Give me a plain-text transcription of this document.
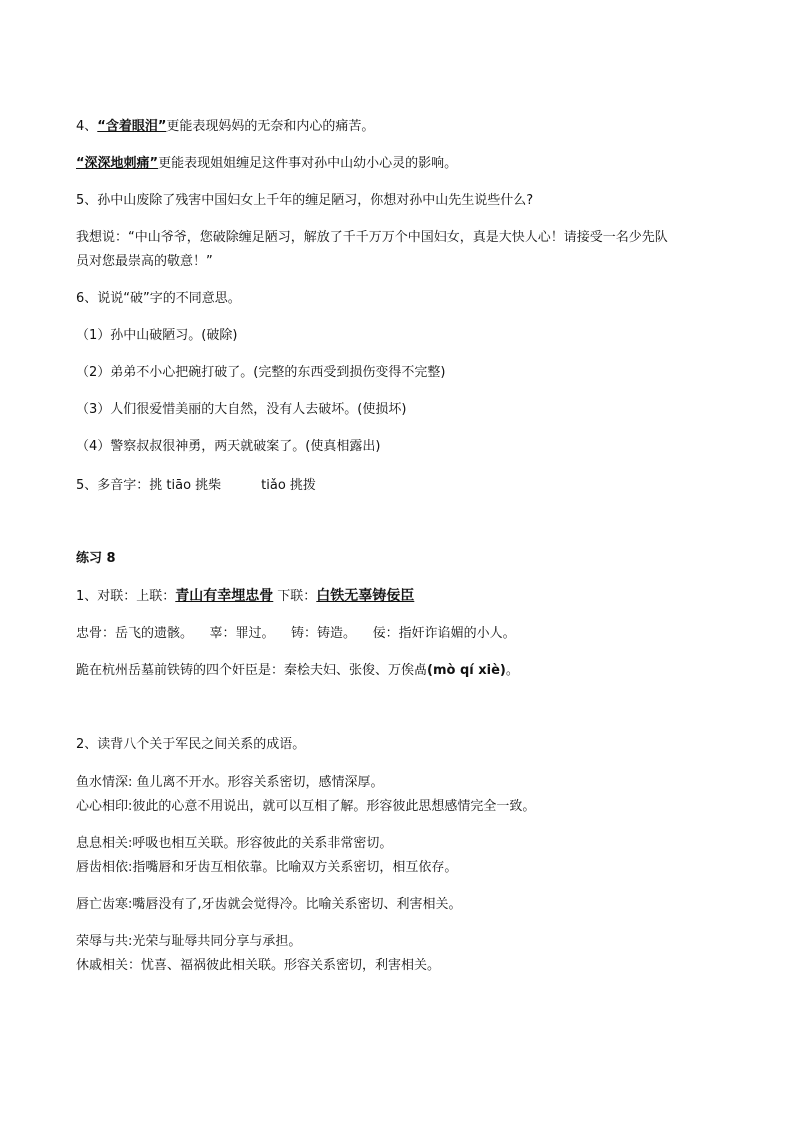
4、“含着眼泪”更能表现妈妈的无奈和内心的痛苦。
“深深地刺痛”更能表现姐姐缠足这件事对孙中山幼小心灵的影响。
5、孙中山废除了残害中国妇女上千年的缠足陋习，你想对孙中山先生说些什么?
我想说：“中山爷爷，您破除缠足陋习，解放了千千万万个中国妇女，真是大快人心！请接受一名少先队
员对您最崇高的敬意！”
6、说说“破”字的不同意思。
（1）孙中山破陋习。(破除)
（2）弟弟不小心把碗打破了。(完整的东西受到损伤变得不完整)
（3）人们很爱惜美丽的大自然，没有人去破坏。(使损坏)
（4）警察叔叔很神勇，两天就破案了。(使真相露出)
5、多音字：挑 tiāo 挑柴	tiǎo 挑拨
练习 8
1、对联：上联：青山有幸埋忠骨 下联：白铁无辜铸佞臣
忠骨：岳飞的遗骸。    辜：罪过。    铸：铸造。    佞：指奸诈谄媚的小人。
跪在杭州岳墓前铁铸的四个奸臣是：秦桧夫妇、张俊、万俟卨(mò qí xiè)。
2、读背八个关于军民之间关系的成语。
鱼水情深: 鱼儿离不开水。形容关系密切，感情深厚。
心心相印:彼此的心意不用说出，就可以互相了解。形容彼此思想感情完全一致。
息息相关:呼吸也相互关联。形容彼此的关系非常密切。
唇齿相依:指嘴唇和牙齿互相依靠。比喻双方关系密切，相互依存。
唇亡齿寒:嘴唇没有了,牙齿就会觉得冷。比喻关系密切、利害相关。
荣辱与共:光荣与耻辱共同分享与承担。
休戚相关：忧喜、福祸彼此相关联。形容关系密切，利害相关。
